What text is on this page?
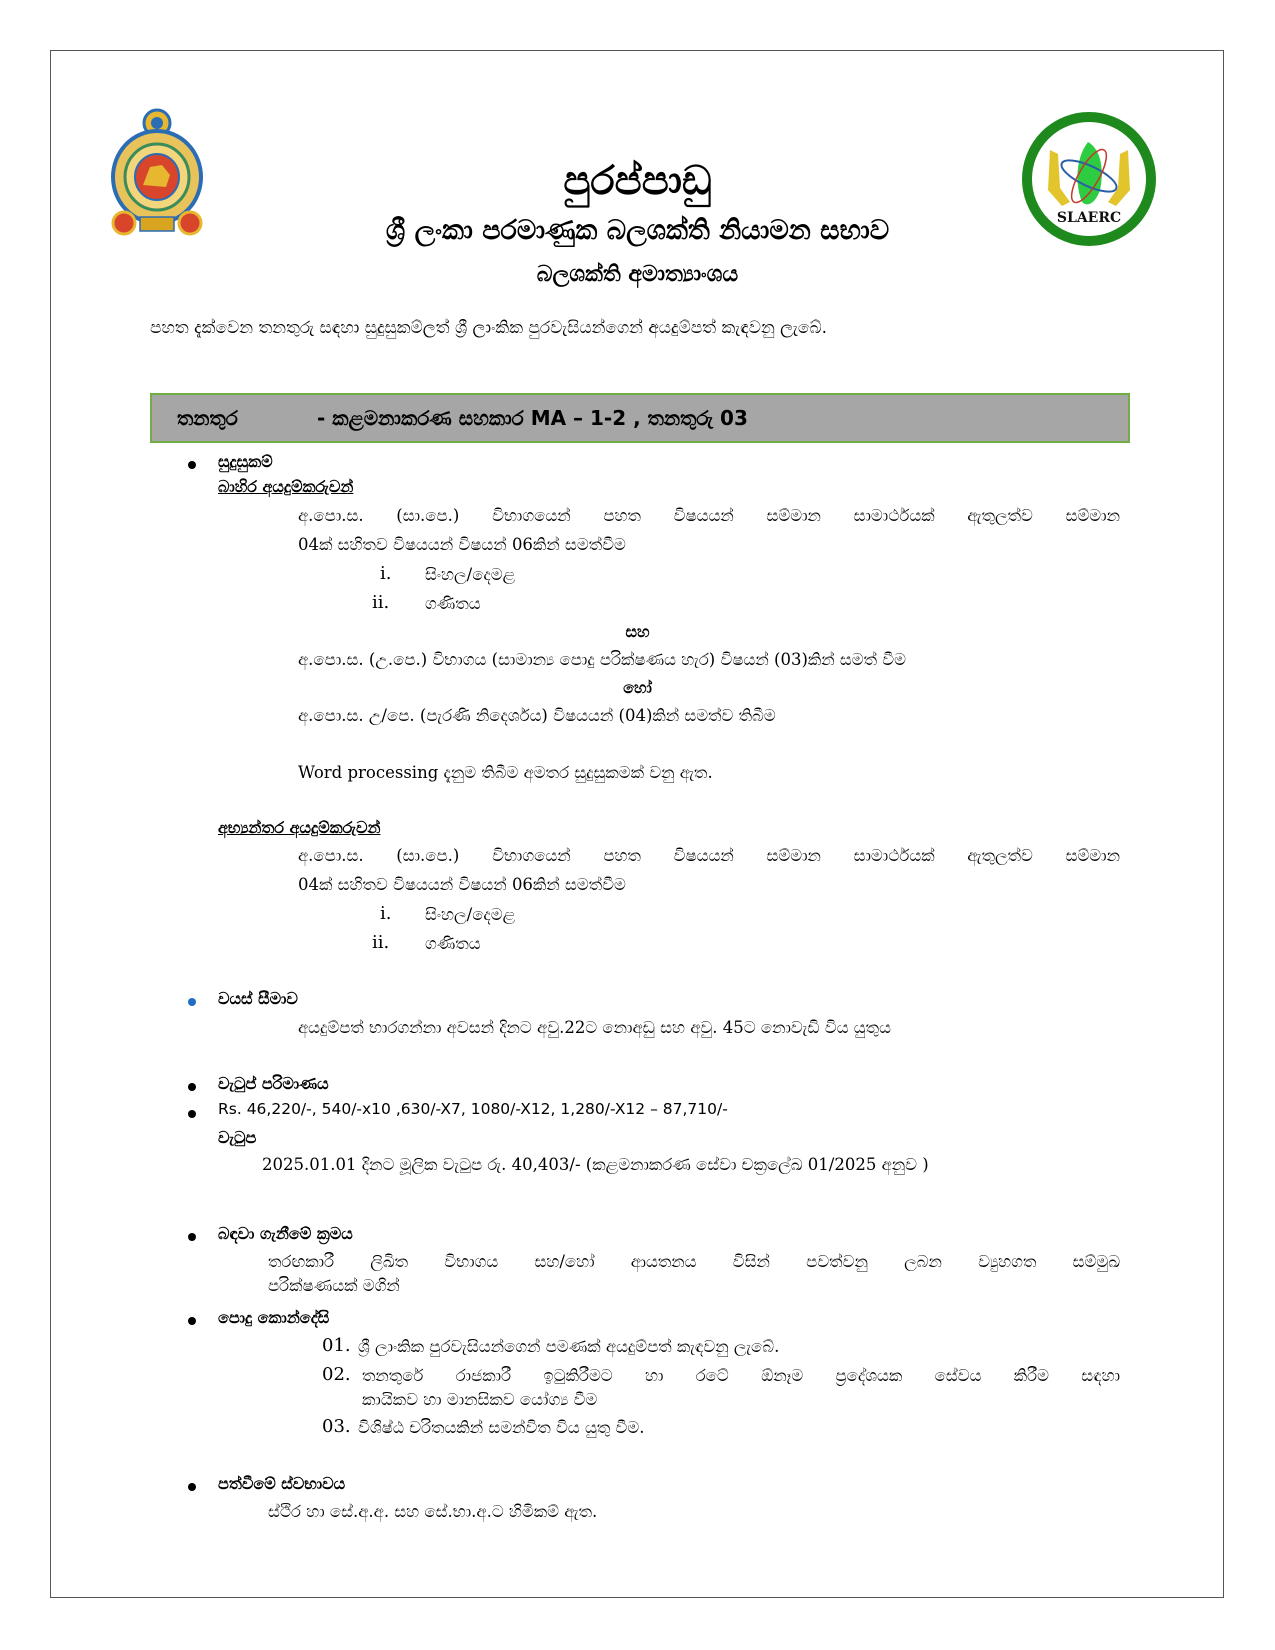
SLAERC
පුරප්පාඩු
ශ්‍රී ලංකා පරමාණුක බලශක්ති නියාමන සභාව
බලශක්ති අමාත්‍යාංශය
පහත දැක්වෙන තනතුරු සඳහා සුදුසුකම්ලත් ශ්‍රී ලාංකික පුරවැසියන්ගෙන් අයදුම්පත් කැඳවනු ලැබේ.
තනතුර	- කළමනාකරණ සහකාර MA – 1-2 , තනතුරු 03
සුදුසුකම්
බාහිර අයදුම්කරුවන්
අ.පො.ස. (සා.පෙ.) විභාගයෙන් පහත විෂයයන් සම්මාන සාමාර්ථයක් ඇතුලත්ව සම්මාන
04ක් සහිතව විෂයයන් විෂයන් 06කින් සමත්වීම
i. සිංහල/දෙමළ
ii. ගණිතය
සහ
අ.පො.ස. (උ.පෙ.) විභාගය (සාමාන්‍ය පොදු පරික්ෂණය හැර) විෂයන් (03)කින් සමත් වීම
හෝ
අ.පො.ස. උ/පෙ. (පැරණි නිදෙර්ශය) විෂයයන් (04)කින් සමත්ව තිබීම
Word processing දැනුම තිබීම අමතර සුදුසුකමක් වනු ඇත.
අභ්‍යන්තර අයදුම්කරුවන්
අ.පො.ස. (සා.පෙ.) විභාගයෙන් පහත විෂයයන් සම්මාන සාමාර්ථයක් ඇතුලත්ව සම්මාන
04ක් සහිතව විෂයයන් විෂයන් 06කින් සමත්වීම
i. සිංහල/දෙමළ
ii. ගණිතය
වයස් සීමාව
අයදුම්පත් භාරගන්නා අවසන් දිනට අවු.22ට නොඅඩු සහ අවු. 45ට නොවැඩි විය යුතුය
වැටුප් පරිමාණය
Rs. 46,220/-, 540/-x10 ,630/-X7, 1080/-X12, 1,280/-X12 – 87,710/-
වැටුප
2025.01.01 දිනට මූලික වැටුප රු. 40,403/- (කළමනාකරණ සේවා චක්‍රලේඛ 01/2025 අනුව )
බඳවා ගැනීමේ ක්‍රමය
තරඟකාරී ලිඛිත විභාගය සහ/හෝ ආයතනය විසින් පවත්වනු ලබන ව්‍යුහගත සම්මුඛ
පරික්ෂණයක් මගින්
පොදු කොන්දේසි
01. ශ්‍රී ලාංකික පුරවැසියන්ගෙන් පමණක් අයදුම්පත් කැඳවනු ලැබේ.
02. තනතුරේ රාජකාරී ඉටුකිරීමට හා රටේ ඕනෑම ප්‍රදේශයක සේවය කිරීම සඳහා
කායිකව හා මානසිකව යෝග්‍ය වීම
03. විශිෂ්ඨ චරිතයකින් සමන්විත විය යුතු වීම.
පත්වීමේ ස්වභාවය
ස්ථිර හා සේ.අ.අ. සහ සේ.භා.අ.ට හිමිකම් ඇත.
